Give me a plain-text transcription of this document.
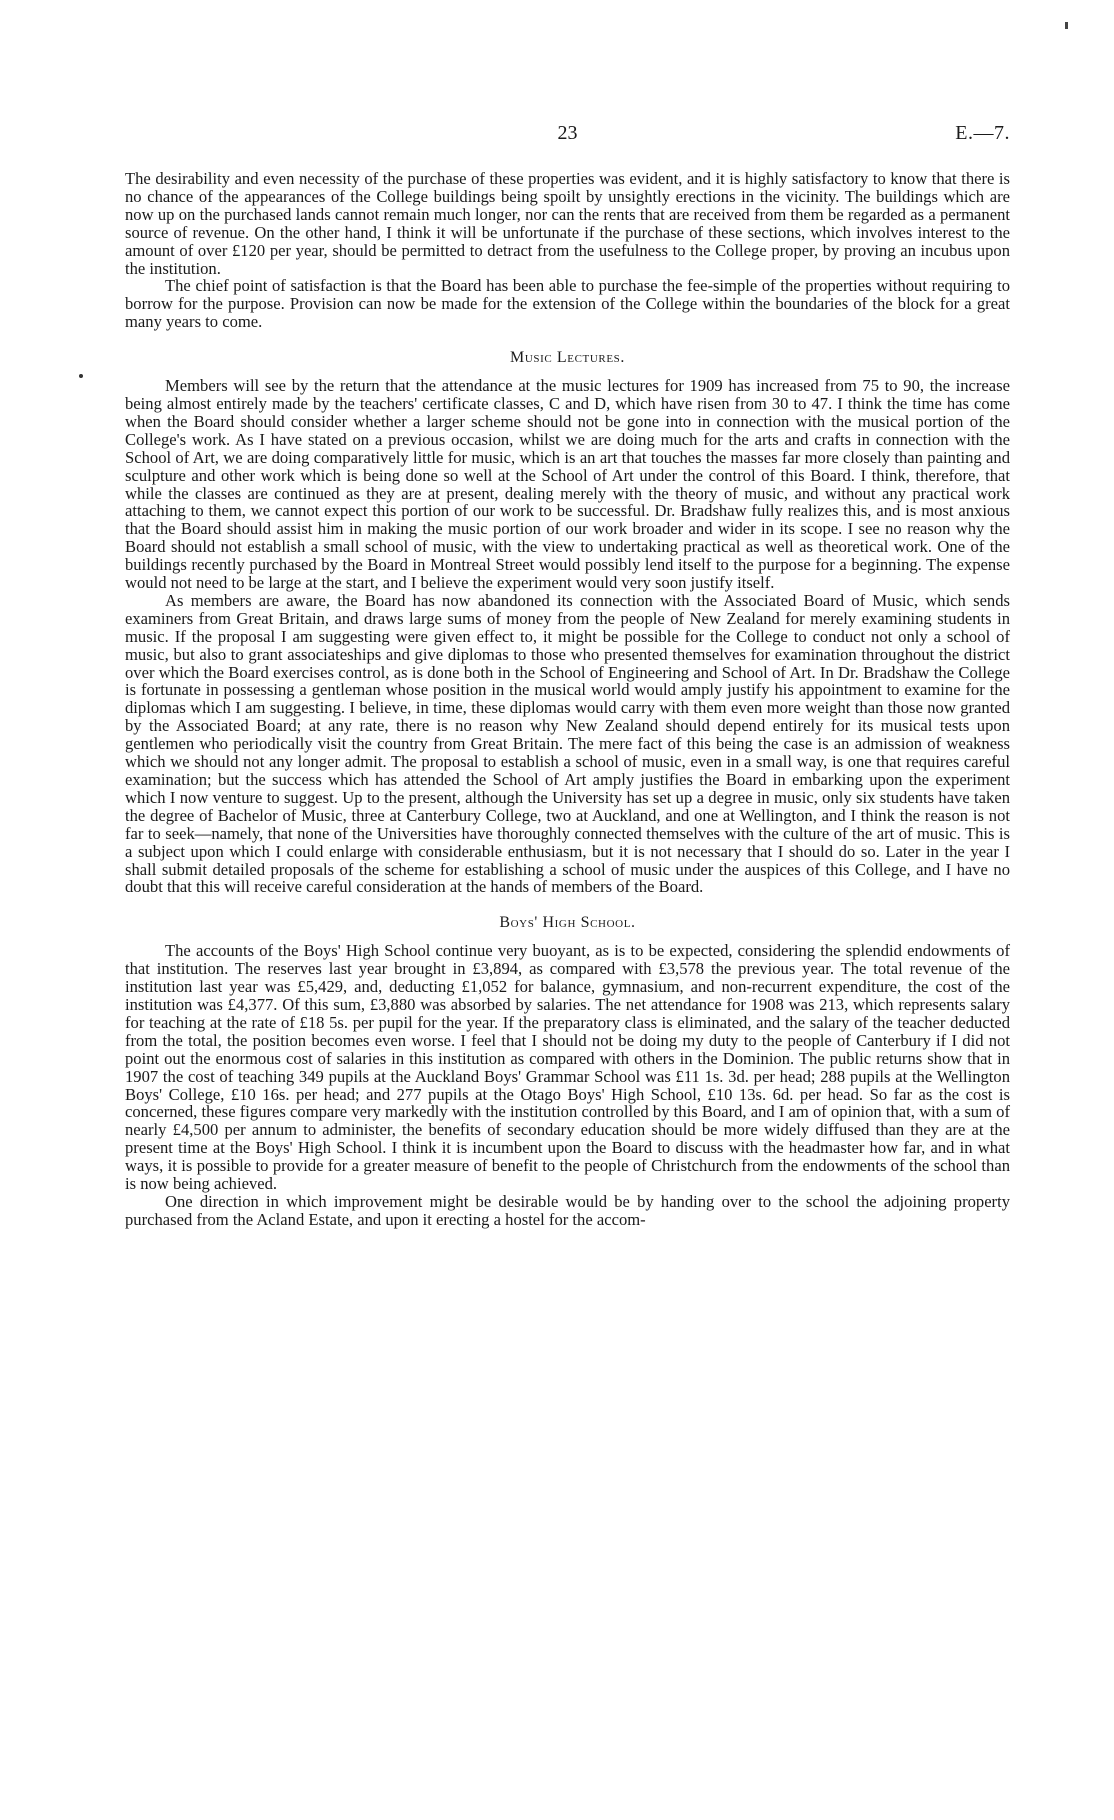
23	E.—7.

The desirability and even necessity of the purchase of these properties was evident, and it is highly satisfactory to know that there is no chance of the appearances of the College buildings being spoilt by unsightly erections in the vicinity. The buildings which are now up on the purchased lands cannot remain much longer, nor can the rents that are received from them be regarded as a permanent source of revenue. On the other hand, I think it will be unfortunate if the purchase of these sections, which involves interest to the amount of over £120 per year, should be permitted to detract from the usefulness to the College proper, by proving an incubus upon the institution.

The chief point of satisfaction is that the Board has been able to purchase the fee-simple of the properties without requiring to borrow for the purpose. Provision can now be made for the extension of the College within the boundaries of the block for a great many years to come.

Music Lectures.

Members will see by the return that the attendance at the music lectures for 1909 has increased from 75 to 90, the increase being almost entirely made by the teachers' certificate classes, C and D, which have risen from 30 to 47. I think the time has come when the Board should consider whether a larger scheme should not be gone into in connection with the musical portion of the College's work. As I have stated on a previous occasion, whilst we are doing much for the arts and crafts in connection with the School of Art, we are doing comparatively little for music, which is an art that touches the masses far more closely than painting and sculpture and other work which is being done so well at the School of Art under the control of this Board. I think, therefore, that while the classes are continued as they are at present, dealing merely with the theory of music, and without any practical work attaching to them, we cannot expect this portion of our work to be successful. Dr. Bradshaw fully realizes this, and is most anxious that the Board should assist him in making the music portion of our work broader and wider in its scope. I see no reason why the Board should not establish a small school of music, with the view to undertaking practical as well as theoretical work. One of the buildings recently purchased by the Board in Montreal Street would possibly lend itself to the purpose for a beginning. The expense would not need to be large at the start, and I believe the experiment would very soon justify itself.

As members are aware, the Board has now abandoned its connection with the Associated Board of Music, which sends examiners from Great Britain, and draws large sums of money from the people of New Zealand for merely examining students in music. If the proposal I am suggesting were given effect to, it might be possible for the College to conduct not only a school of music, but also to grant associateships and give diplomas to those who presented themselves for examination throughout the district over which the Board exercises control, as is done both in the School of Engineering and School of Art. In Dr. Bradshaw the College is fortunate in possessing a gentleman whose position in the musical world would amply justify his appointment to examine for the diplomas which I am suggesting. I believe, in time, these diplomas would carry with them even more weight than those now granted by the Associated Board; at any rate, there is no reason why New Zealand should depend entirely for its musical tests upon gentlemen who periodically visit the country from Great Britain. The mere fact of this being the case is an admission of weakness which we should not any longer admit. The proposal to establish a school of music, even in a small way, is one that requires careful examination; but the success which has attended the School of Art amply justifies the Board in embarking upon the experiment which I now venture to suggest. Up to the present, although the University has set up a degree in music, only six students have taken the degree of Bachelor of Music, three at Canterbury College, two at Auckland, and one at Wellington, and I think the reason is not far to seek—namely, that none of the Universities have thoroughly connected themselves with the culture of the art of music. This is a subject upon which I could enlarge with considerable enthusiasm, but it is not necessary that I should do so. Later in the year I shall submit detailed proposals of the scheme for establishing a school of music under the auspices of this College, and I have no doubt that this will receive careful consideration at the hands of members of the Board.

Boys' High School.

The accounts of the Boys' High School continue very buoyant, as is to be expected, considering the splendid endowments of that institution. The reserves last year brought in £3,894, as compared with £3,578 the previous year. The total revenue of the institution last year was £5,429, and, deducting £1,052 for balance, gymnasium, and non-recurrent expenditure, the cost of the institution was £4,377. Of this sum, £3,880 was absorbed by salaries. The net attendance for 1908 was 213, which represents salary for teaching at the rate of £18 5s. per pupil for the year. If the preparatory class is eliminated, and the salary of the teacher deducted from the total, the position becomes even worse. I feel that I should not be doing my duty to the people of Canterbury if I did not point out the enormous cost of salaries in this institution as compared with others in the Dominion. The public returns show that in 1907 the cost of teaching 349 pupils at the Auckland Boys' Grammar School was £11 1s. 3d. per head; 288 pupils at the Wellington Boys' College, £10 16s. per head; and 277 pupils at the Otago Boys' High School, £10 13s. 6d. per head. So far as the cost is concerned, these figures compare very markedly with the institution controlled by this Board, and I am of opinion that, with a sum of nearly £4,500 per annum to administer, the benefits of secondary education should be more widely diffused than they are at the present time at the Boys' High School. I think it is incumbent upon the Board to discuss with the headmaster how far, and in what ways, it is possible to provide for a greater measure of benefit to the people of Christchurch from the endowments of the school than is now being achieved.

One direction in which improvement might be desirable would be by handing over to the school the adjoining property purchased from the Acland Estate, and upon it erecting a hostel for the accom-
